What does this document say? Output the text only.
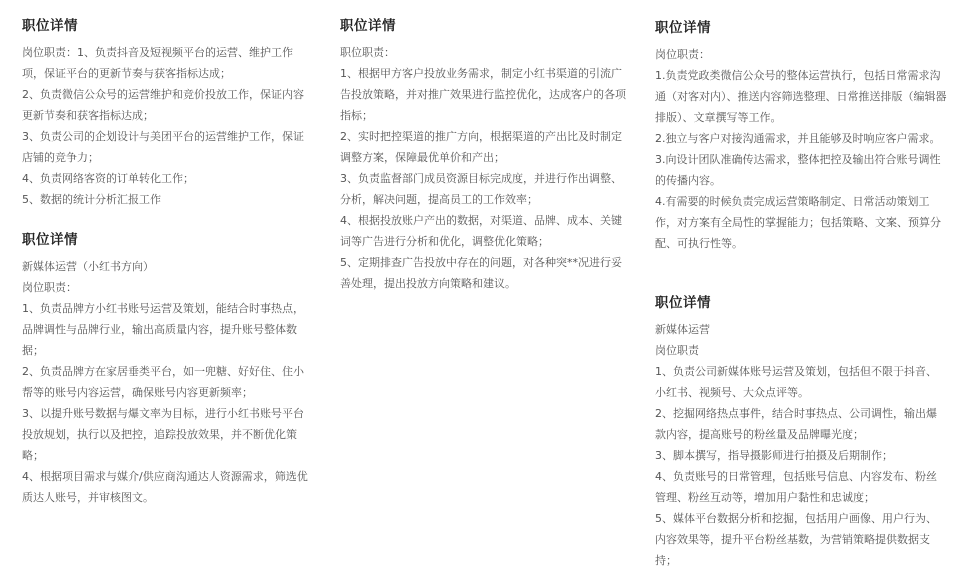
职位详情

岗位职责：1、负责抖音及短视频平台的运营、维护工作项，保证平台的更新节奏与获客指标达成；

2、负责微信公众号的运营维护和竞价投放工作，保证内容更新节奏和获客指标达成；

3、负责公司的企划设计与美团平台的运营维护工作，保证店铺的竞争力；

4、负责网络客资的订单转化工作；

5、数据的统计分析汇报工作

职位详情

新媒体运营（小红书方向）

岗位职责：

1、负责品牌方小红书账号运营及策划，能结合时事热点，品牌调性与品牌行业，输出高质量内容，提升账号整体数据；

2、负责品牌方在家居垂类平台，如一兜糖、好好住、住小帮等的账号内容运营，确保账号内容更新频率；

3、以提升账号数据与爆文率为目标，进行小红书账号平台投放规划，执行以及把控，追踪投放效果，并不断优化策略；

4、根据项目需求与媒介/供应商沟通达人资源需求，筛选优质达人账号，并审核图文。

职位详情

职位职责：

1、根据甲方客户投放业务需求，制定小红书渠道的引流广告投放策略，并对推广效果进行监控优化，达成客户的各项指标；

2、实时把控渠道的推广方向，根据渠道的产出比及时制定调整方案，保障最优单价和产出；

3、负责监督部门成员资源目标完成度，并进行作出调整、分析，解决问题，提高员工的工作效率；

4、根据投放账户产出的数据，对渠道、品牌、成本、关键词等广告进行分析和优化，调整优化策略；

5、定期排查广告投放中存在的问题，对各种突**况进行妥善处理，提出投放方向策略和建议。

职位详情

岗位职责：

1.负责党政类微信公众号的整体运营执行，包括日常需求沟通（对客对内）、推送内容筛选整理、日常推送排版（编辑器排版）、文章撰写等工作。

2.独立与客户对接沟通需求，并且能够及时响应客户需求。

3.向设计团队准确传达需求，整体把控及输出符合账号调性的传播内容。

4.有需要的时候负责完成运营策略制定、日常活动策划工作，对方案有全局性的掌握能力；包括策略、文案、预算分配、可执行性等。

职位详情

新媒体运营

岗位职责

1、负责公司新媒体账号运营及策划，包括但不限于抖音、小红书、视频号、大众点评等。

2、挖掘网络热点事件，结合时事热点、公司调性，输出爆款内容，提高账号的粉丝量及品牌曝光度；

3、脚本撰写，指导摄影师进行拍摄及后期制作；

4、负责账号的日常管理，包括账号信息、内容发布、粉丝管理、粉丝互动等，增加用户黏性和忠诚度；

5、媒体平台数据分析和挖掘，包括用户画像、用户行为、内容效果等，提升平台粉丝基数，为营销策略提供数据支持；
